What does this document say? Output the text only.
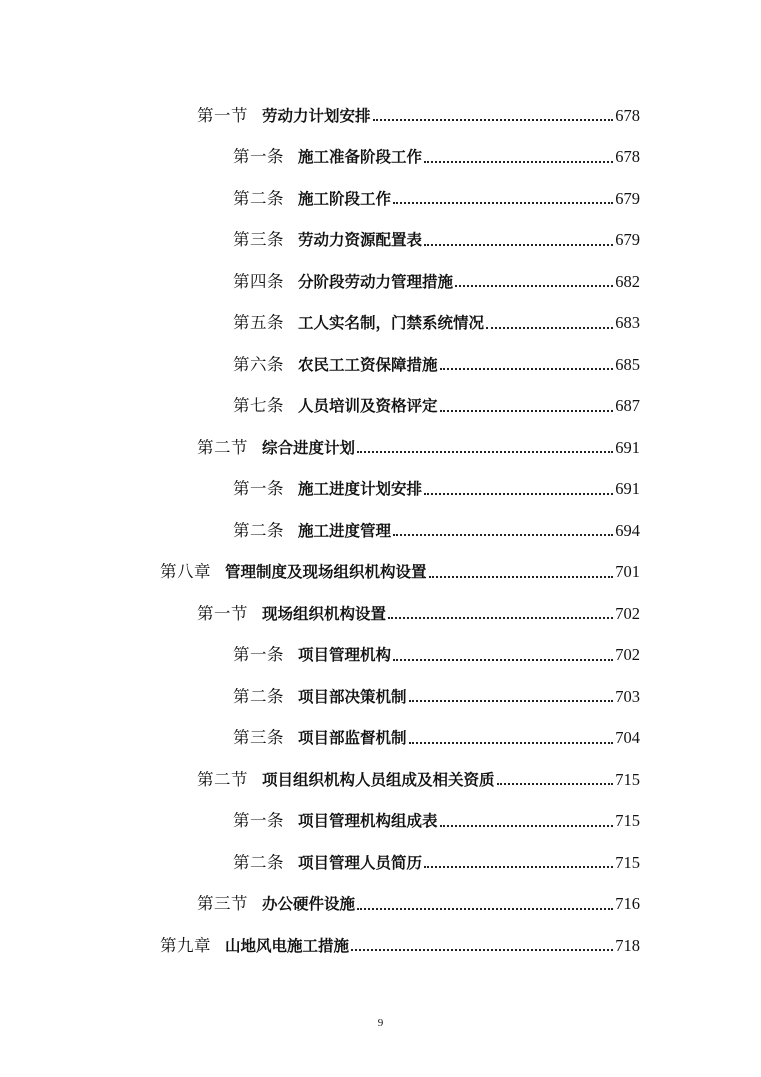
第一节 劳动力计划安排	678
第一条 施工准备阶段工作	678
第二条 施工阶段工作	679
第三条 劳动力资源配置表	679
第四条 分阶段劳动力管理措施	682
第五条 工人实名制，门禁系统情况	683
第六条 农民工工资保障措施	685
第七条 人员培训及资格评定	687
第二节 综合进度计划	691
第一条 施工进度计划安排	691
第二条 施工进度管理	694
第八章 管理制度及现场组织机构设置	701
第一节 现场组织机构设置	702
第一条 项目管理机构	702
第二条 项目部决策机制	703
第三条 项目部监督机制	704
第二节 项目组织机构人员组成及相关资质	715
第一条 项目管理机构组成表	715
第二条 项目管理人员简历	715
第三节 办公硬件设施	716
第九章 山地风电施工措施	718
9
